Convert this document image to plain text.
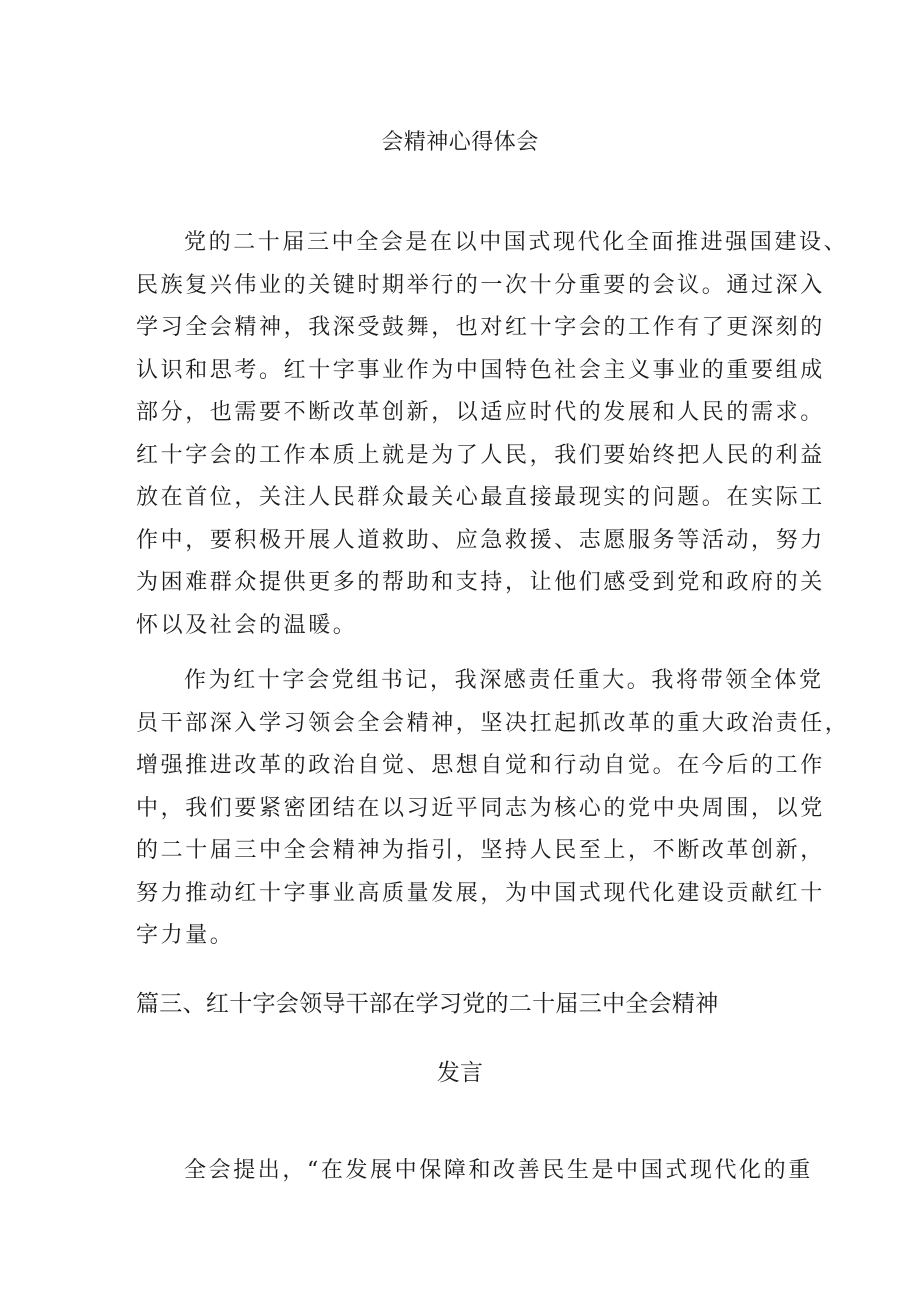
会精神心得体会
党的二十届三中全会是在以中国式现代化全面推进强国建设、
民族复兴伟业的关键时期举行的一次十分重要的会议。通过深入
学习全会精神，我深受鼓舞，也对红十字会的工作有了更深刻的
认识和思考。红十字事业作为中国特色社会主义事业的重要组成
部分，也需要不断改革创新，以适应时代的发展和人民的需求。
红十字会的工作本质上就是为了人民，我们要始终把人民的利益
放在首位，关注人民群众最关心最直接最现实的问题。在实际工
作中，要积极开展人道救助、应急救援、志愿服务等活动，努力
为困难群众提供更多的帮助和支持，让他们感受到党和政府的关
怀以及社会的温暖。
作为红十字会党组书记，我深感责任重大。我将带领全体党
员干部深入学习领会全会精神，坚决扛起抓改革的重大政治责任，
增强推进改革的政治自觉、思想自觉和行动自觉。在今后的工作
中，我们要紧密团结在以习近平同志为核心的党中央周围，以党
的二十届三中全会精神为指引，坚持人民至上，不断改革创新，
努力推动红十字事业高质量发展，为中国式现代化建设贡献红十
字力量。
篇三、红十字会领导干部在学习党的二十届三中全会精神
发言
全会提出，“在发展中保障和改善民生是中国式现代化的重
